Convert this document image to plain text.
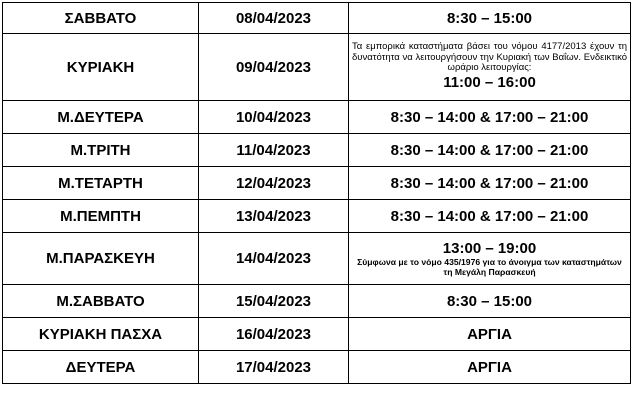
ΣΑΒΒΑΤΟ	08/04/2023	8:30 – 15:00
ΚΥΡΙΑΚΗ	09/04/2023	Τα εμπορικά καταστήματα βάσει του νόμου 4177/2013 έχουν τη δυνατότητα να λειτουργήσουν την Κυριακή των Βαΐων. Ενδεικτικό ωράριο λειτουργίας:
11:00 – 16:00

Μ.ΔΕΥΤΕΡΑ	10/04/2023	8:30 – 14:00 & 17:00 – 21:00
Μ.ΤΡΙΤΗ	11/04/2023	8:30 – 14:00 & 17:00 – 21:00
Μ.ΤΕΤΑΡΤΗ	12/04/2023	8:30 – 14:00 & 17:00 – 21:00
Μ.ΠΕΜΠΤΗ	13/04/2023	8:30 – 14:00 & 17:00 – 21:00
Μ.ΠΑΡΑΣΚΕΥΗ	14/04/2023	13:00 – 19:00
Σύμφωνα με το νόμο 435/1976 για το άνοιγμα των καταστημάτων τη Μεγάλη Παρασκευή

Μ.ΣΑΒΒΑΤΟ	15/04/2023	8:30 – 15:00
ΚΥΡΙΑΚΗ ΠΑΣΧΑ	16/04/2023	ΑΡΓΙΑ
ΔΕΥΤΕΡΑ	17/04/2023	ΑΡΓΙΑ
